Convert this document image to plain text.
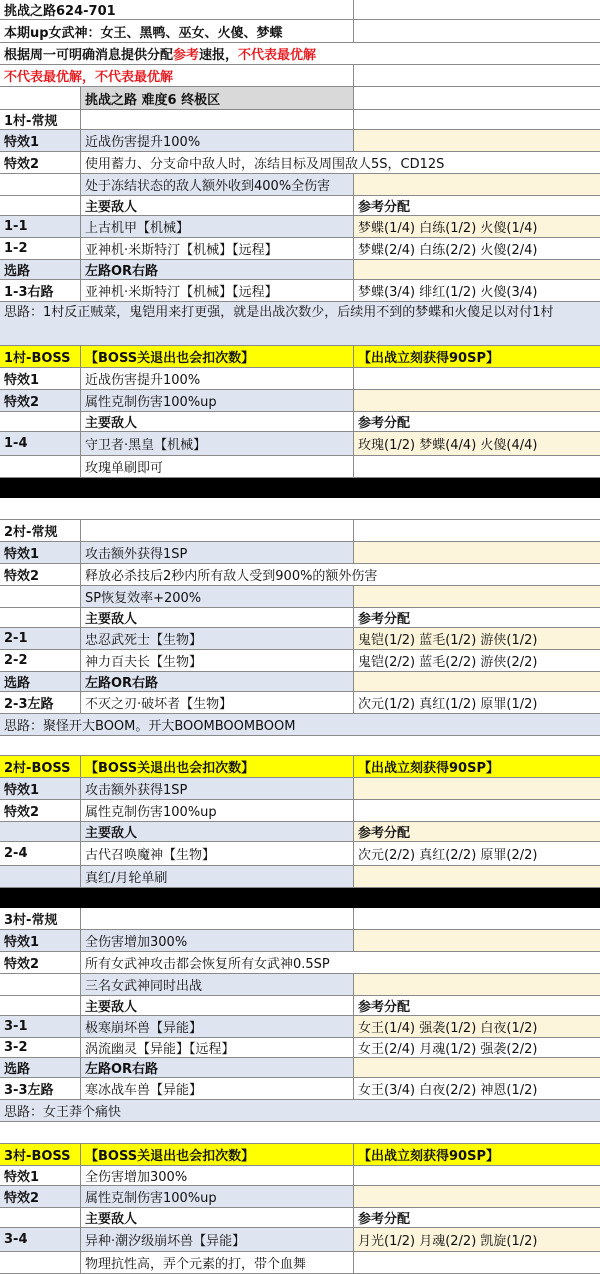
挑战之路624-701
本期up女武神：女王、黑鸭、巫女、火傻、梦蝶
根据周一可明确消息提供分配 参考 速报， 不代表最优解
不代表最优解，不代表最优解
挑战之路 难度6 终极区
1村-常规
特效1	近战伤害提升100%
特效2	使用蓄力、分支命中敌人时，冻结目标及周围敌人5S，CD12S
处于冻结状态的敌人额外收到400%全伤害
主要敌人	参考分配
1-1	上古机甲【机械】	梦蝶(1/4) 白练(1/2) 火傻(1/4)
1-2	亚神机·米斯特汀【机械】【远程】	梦蝶(2/4) 白练(2/2) 火傻(2/4)
选路	左路OR右路
1-3右路	亚神机·米斯特汀【机械】【远程】	梦蝶(3/4) 绯红(1/2) 火傻(3/4)
思路：1村反正贼菜，鬼铠用来打更强，就是出战次数少，后续用不到的梦蝶和火傻足以对付1村
1村-BOSS	【BOSS关退出也会扣次数】	【出战立刻获得90SP】
特效1	近战伤害提升100%
特效2	属性克制伤害100%up
主要敌人	参考分配
1-4	守卫者·黑皇【机械】	玫瑰(1/2) 梦蝶(4/4) 火傻(4/4)
玫瑰单刷即可
2村-常规
特效1	攻击额外获得1SP
特效2	释放必杀技后2秒内所有敌人受到900%的额外伤害
SP恢复效率+200%
主要敌人	参考分配
2-1	忠忍武死士【生物】	鬼铠(1/2) 蓝毛(1/2) 游侠(1/2)
2-2	神力百夫长【生物】	鬼铠(2/2) 蓝毛(2/2) 游侠(2/2)
选路	左路OR右路
2-3左路	不灭之刃·破坏者【生物】	次元(1/2) 真红(1/2) 原罪(1/2)
思路：聚怪开大BOOM。开大BOOMBOOMBOOM
2村-BOSS	【BOSS关退出也会扣次数】	【出战立刻获得90SP】
特效1	攻击额外获得1SP
特效2	属性克制伤害100%up
主要敌人	参考分配
2-4	古代召唤魔神【生物】	次元(2/2) 真红(2/2) 原罪(2/2)
真红/月轮单刷
3村-常规
特效1	全伤害增加300%
特效2	所有女武神攻击都会恢复所有女武神0.5SP
三名女武神同时出战
主要敌人	参考分配
3-1	极寒崩坏兽【异能】	女王(1/4) 强袭(1/2) 白夜(1/2)
3-2	涡流幽灵【异能】【远程】	女王(2/4) 月魂(1/2) 强袭(2/2)
选路	左路OR右路
3-3左路	寒冰战车兽【异能】	女王(3/4) 白夜(2/2) 神恩(1/2)
思路：女王莽个痛快
3村-BOSS	【BOSS关退出也会扣次数】	【出战立刻获得90SP】
特效1	全伤害增加300%
特效2	属性克制伤害100%up
主要敌人	参考分配
3-4	异种·潮汐级崩坏兽【异能】	月光(1/2) 月魂(2/2) 凯旋(1/2)
物理抗性高，弄个元素的打，带个血舞
